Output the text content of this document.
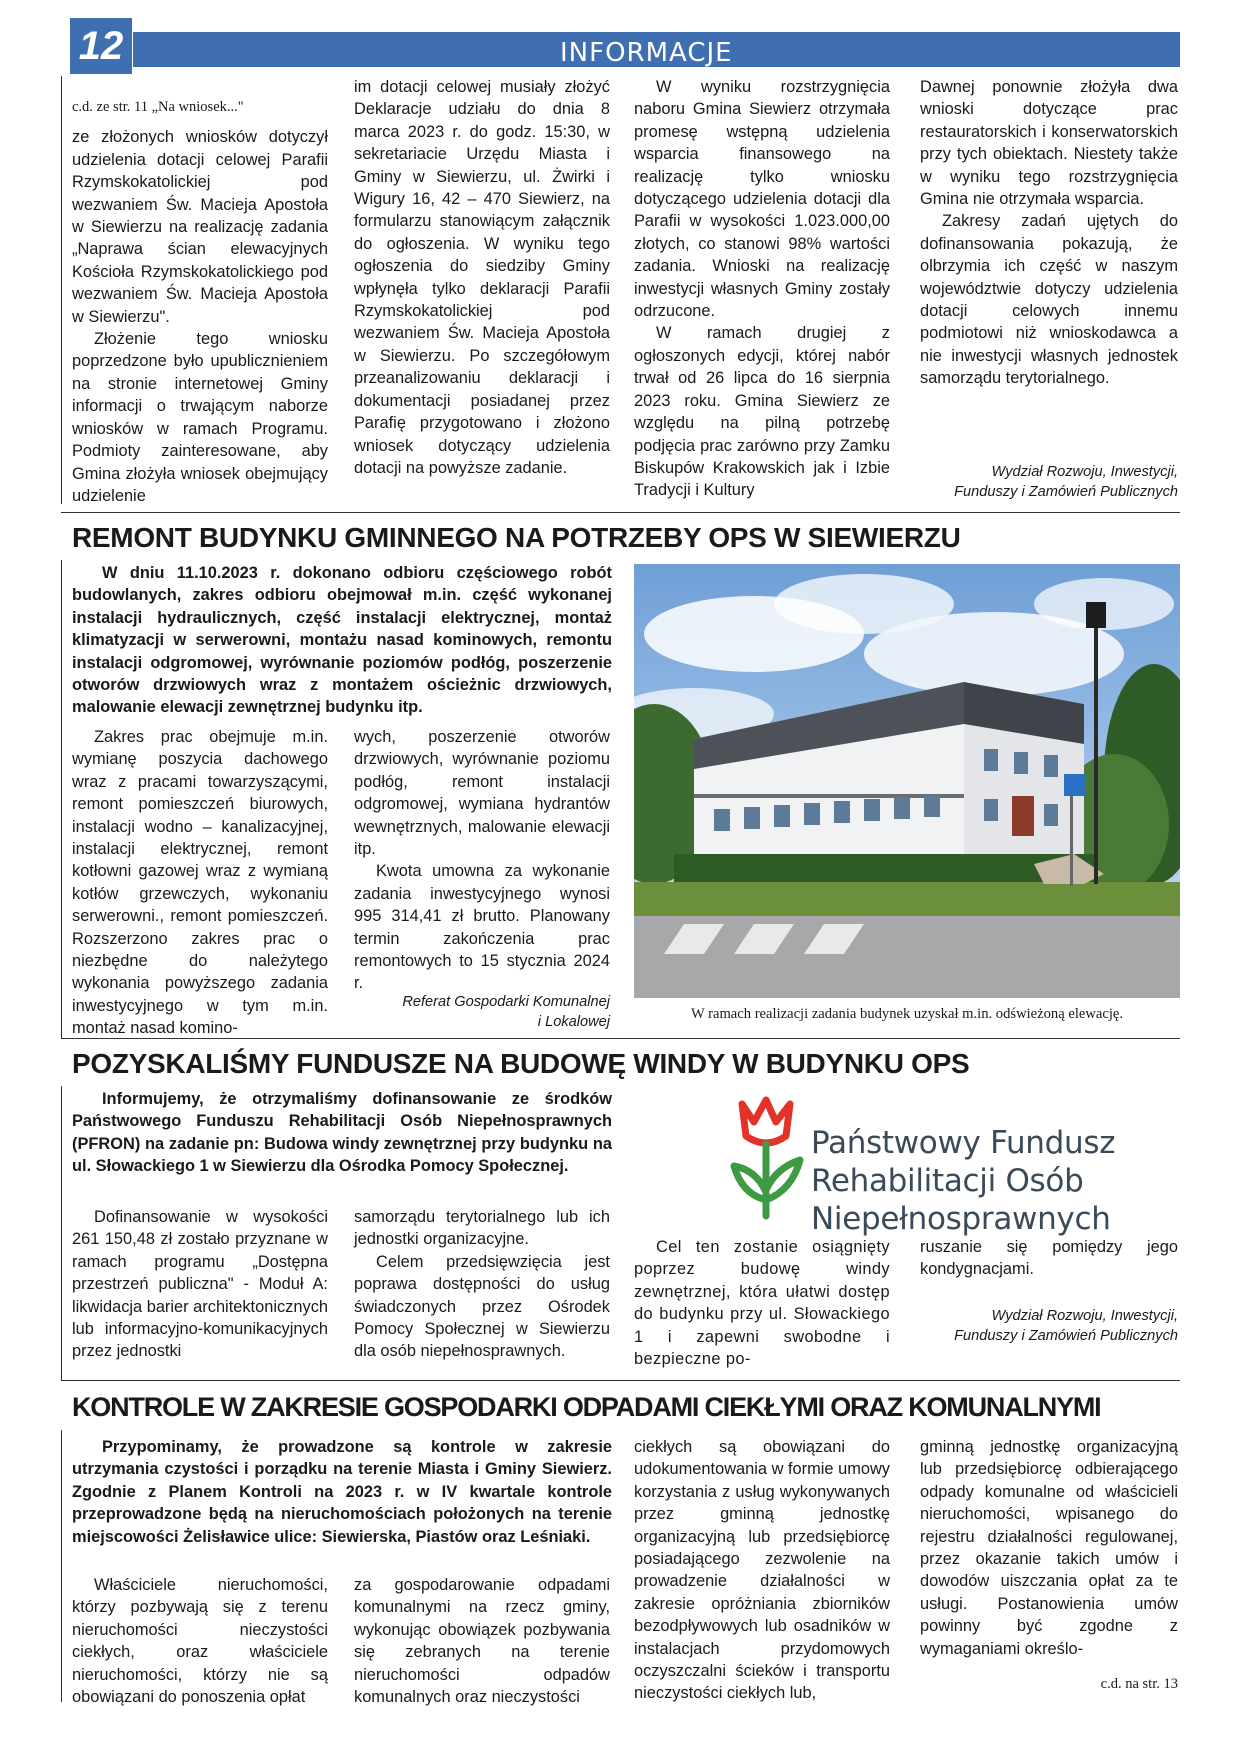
12	INFORMACJE

c.d. ze str. 11 „Na wniosek..."

ze złożonych wniosków dotyczył udzielenia dotacji celowej Parafii Rzymskokatolickiej pod wezwaniem Św. Macieja Apostoła w Siewierzu na realizację zadania „Naprawa ścian elewacyjnych Kościoła Rzymskokatolickiego pod wezwaniem Św. Macieja Apostoła w Siewierzu".

Złożenie tego wniosku poprzedzone było upublicznieniem na stronie internetowej Gminy informacji o trwającym naborze wniosków w ramach Programu. Podmioty zainteresowane, aby Gmina złożyła wniosek obejmujący udzielenie

im dotacji celowej musiały złożyć Deklaracje udziału do dnia 8 marca 2023 r. do godz. 15:30, w sekretariacie Urzędu Miasta i Gminy w Siewierzu, ul. Żwirki i Wigury 16, 42 – 470 Siewierz, na formularzu stanowiącym załącznik do ogłoszenia. W wyniku tego ogłoszenia do siedziby Gminy wpłynęła tylko deklaracji Parafii Rzymskokatolickiej pod wezwaniem Św. Macieja Apostoła w Siewierzu. Po szczegółowym przeanalizowaniu deklaracji i dokumentacji posiadanej przez Parafię przygotowano i złożono wniosek dotyczący udzielenia dotacji na powyższe zadanie.

W wyniku rozstrzygnięcia naboru Gmina Siewierz otrzymała promesę wstępną udzielenia wsparcia finansowego na realizację tylko wniosku dotyczącego udzielenia dotacji dla Parafii w wysokości 1.023.000,00 złotych, co stanowi 98% wartości zadania. Wnioski na realizację inwestycji własnych Gminy zostały odrzucone.

W ramach drugiej z ogłoszonych edycji, której nabór trwał od 26 lipca do 16 sierpnia 2023 roku. Gmina Siewierz ze względu na pilną potrzebę podjęcia prac zarówno przy Zamku Biskupów Krakowskich jak i Izbie Tradycji i Kultury

Dawnej ponownie złożyła dwa wnioski dotyczące prac restauratorskich i konserwatorskich przy tych obiektach. Niestety także w wyniku tego rozstrzygnięcia Gmina nie otrzymała wsparcia.

Zakresy zadań ujętych do dofinansowania pokazują, że olbrzymia ich część w naszym województwie dotyczy udzielenia dotacji celowych innemu podmiotowi niż wnioskodawca a nie inwestycji własnych jednostek samorządu terytorialnego.

Wydział Rozwoju, Inwestycji,
Funduszy i Zamówień Publicznych
REMONT BUDYNKU GMINNEGO NA POTRZEBY OPS W SIEWIERZU
W dniu 11.10.2023 r. dokonano odbioru częściowego robót budowlanych, zakres odbioru obejmował m.in. część wykonanej instalacji hydraulicznych, część instalacji elektrycznej, montaż klimatyzacji w serwerowni, montażu nasad kominowych, remontu instalacji odgromowej, wyrównanie poziomów podłóg, poszerzenie otworów drzwiowych wraz z montażem ościeżnic drzwiowych, malowanie elewacji zewnętrznej budynku itp.

Zakres prac obejmuje m.in. wymianę poszycia dachowego wraz z pracami towarzyszącymi, remont pomieszczeń biurowych, instalacji wodno – kanalizacyjnej, instalacji elektrycznej, remont kotłowni gazowej wraz z wymianą kotłów grzewczych, wykonaniu serwerowni., remont pomieszczeń. Rozszerzono zakres prac o niezbędne do należytego wykonania powyższego zadania inwestycyjnego w tym m.in. montaż nasad komino-

wych, poszerzenie otworów drzwiowych, wyrównanie poziomu podłóg, remont instalacji odgromowej, wymiana hydrantów wewnętrznych, malowanie elewacji itp.

Kwota umowna za wykonanie zadania inwestycyjnego wynosi 995 314,41 zł brutto. Planowany termin zakończenia prac remontowych to 15 stycznia 2024 r.

Referat Gospodarki Komunalnej
i Lokalowej	W ramach realizacji zadania budynek uzyskał m.in. odświeżoną elewację.
POZYSKALIŚMY FUNDUSZE NA BUDOWĘ WINDY W BUDYNKU OPS
Informujemy, że otrzymaliśmy dofinansowanie ze środków Państwowego Funduszu Rehabilitacji Osób Niepełnosprawnych (PFRON) na zadanie pn: Budowa windy zewnętrznej przy budynku na ul. Słowackiego 1 w Siewierzu dla Ośrodka Pomocy Społecznej.

Dofinansowanie w wysokości 261 150,48 zł zostało przyznane w ramach programu „Dostępna przestrzeń publiczna" - Moduł A: likwidacja barier architektonicznych lub informacyjno-komunikacyjnych przez jednostki

samorządu terytorialnego lub ich jednostki organizacyjne.

Celem przedsięwzięcia jest poprawa dostępności do usług świadczonych przez Ośrodek Pomocy Społecznej w Siewierzu dla osób niepełnosprawnych.

Państwowy Fundusz
Rehabilitacji Osób
Niepełnosprawnych

Cel ten zostanie osiągnięty poprzez budowę windy zewnętrznej, która ułatwi dostęp do budynku przy ul. Słowackiego 1 i zapewni swobodne i bezpieczne po-

ruszanie się pomiędzy jego kondygnacjami.

Wydział Rozwoju, Inwestycji,
Funduszy i Zamówień Publicznych
KONTROLE W ZAKRESIE GOSPODARKI ODPADAMI CIEKŁYMI ORAZ KOMUNALNYMI
Przypominamy, że prowadzone są kontrole w zakresie utrzymania czystości i porządku na terenie Miasta i Gminy Siewierz. Zgodnie z Planem Kontroli na 2023 r. w IV kwartale kontrole przeprowadzone będą na nieruchomościach położonych na terenie miejscowości Żelisławice ulice: Siewierska, Piastów oraz Leśniaki.

Właściciele nieruchomości, którzy pozbywają się z terenu nieruchomości nieczystości ciekłych, oraz właściciele nieruchomości, którzy nie są obowiązani do ponoszenia opłat

za gospodarowanie odpadami komunalnymi na rzecz gminy, wykonując obowiązek pozbywania się zebranych na terenie nieruchomości odpadów komunalnych oraz nieczystości

ciekłych są obowiązani do udokumentowania w formie umowy korzystania z usług wykonywanych przez gminną jednostkę organizacyjną lub przedsiębiorcę posiadającego zezwolenie na prowadzenie działalności w zakresie opróżniania zbiorników bezodpływowych lub osadników w instalacjach przydomowych oczyszczalni ścieków i transportu nieczystości ciekłych lub,

gminną jednostkę organizacyjną lub przedsiębiorcę odbierającego odpady komunalne od właścicieli nieruchomości, wpisanego do rejestru działalności regulowanej, przez okazanie takich umów i dowodów uiszczania opłat za te usługi. Postanowienia umów powinny być zgodne z wymaganiami określo-

c.d. na str. 13
